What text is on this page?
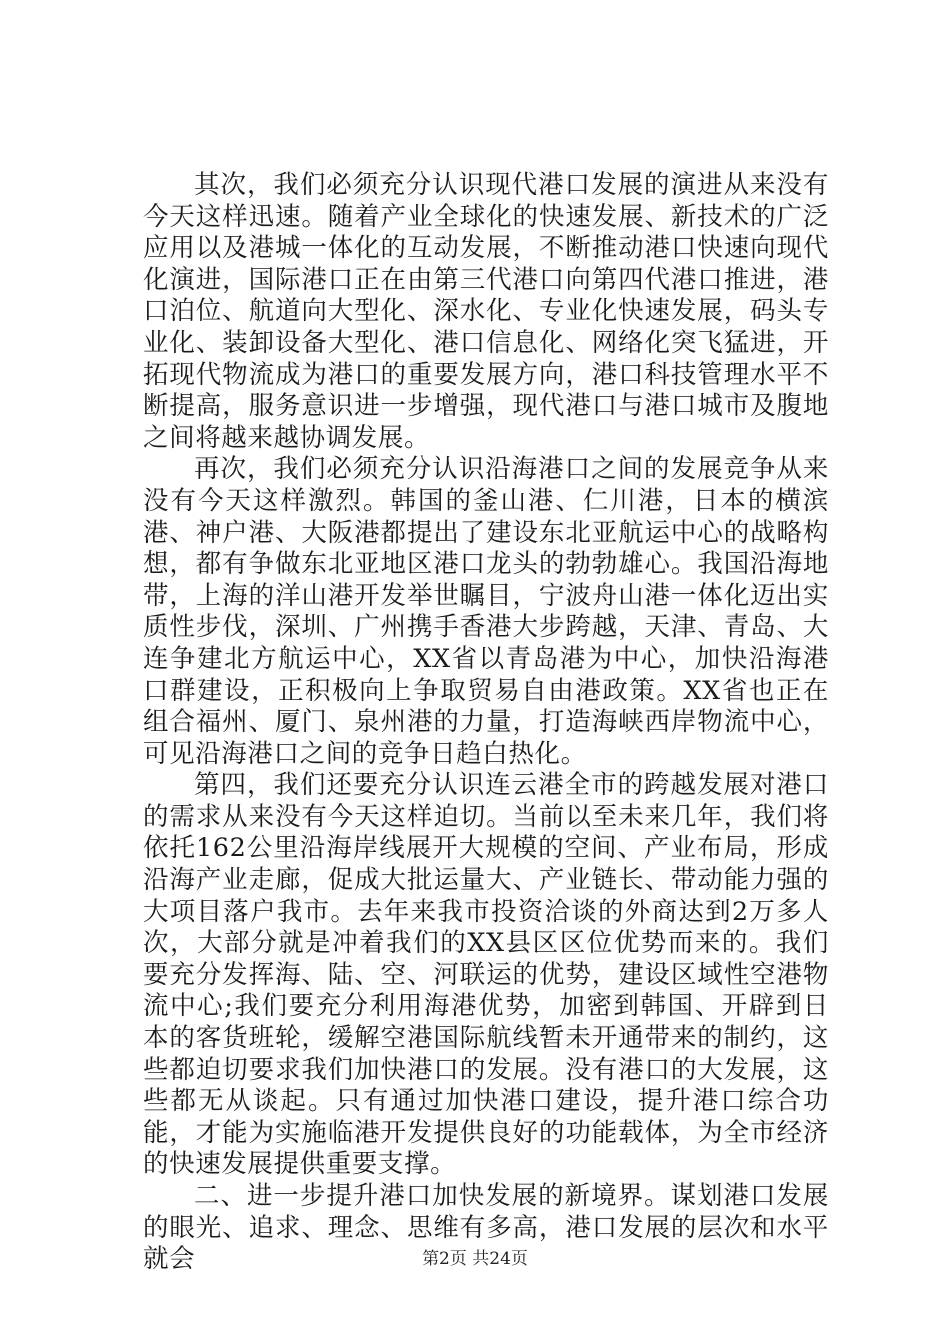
其次，我们必须充分认识现代港口发展的演进从来没有今天这样迅速。随着产业全球化的快速发展、新技术的广泛应用以及港城一体化的互动发展，不断推动港口快速向现代化演进，国际港口正在由第三代港口向第四代港口推进，港口泊位、航道向大型化、深水化、专业化快速发展，码头专业化、装卸设备大型化、港口信息化、网络化突飞猛进，开拓现代物流成为港口的重要发展方向，港口科技管理水平不断提高，服务意识进一步增强，现代港口与港口城市及腹地之间将越来越协调发展。

再次，我们必须充分认识沿海港口之间的发展竞争从来没有今天这样激烈。韩国的釜山港、仁川港，日本的横滨港、神户港、大阪港都提出了建设东北亚航运中心的战略构想，都有争做东北亚地区港口龙头的勃勃雄心。我国沿海地带，上海的洋山港开发举世瞩目，宁波舟山港一体化迈出实质性步伐，深圳、广州携手香港大步跨越，天津、青岛、大连争建北方航运中心，XX省以青岛港为中心，加快沿海港口群建设，正积极向上争取贸易自由港政策。XX省也正在组合福州、厦门、泉州港的力量，打造海峡西岸物流中心，可见沿海港口之间的竞争日趋白热化。

第四，我们还要充分认识连云港全市的跨越发展对港口的需求从来没有今天这样迫切。当前以至未来几年，我们将依托162公里沿海岸线展开大规模的空间、产业布局，形成沿海产业走廊，促成大批运量大、产业链长、带动能力强的大项目落户我市。去年来我市投资洽谈的外商达到2万多人次，大部分就是冲着我们的XX县区区位优势而来的。我们要充分发挥海、陆、空、河联运的优势，建设区域性空港物流中心;我们要充分利用海港优势，加密到韩国、开辟到日本的客货班轮，缓解空港国际航线暂未开通带来的制约，这些都迫切要求我们加快港口的发展。没有港口的大发展，这些都无从谈起。只有通过加快港口建设，提升港口综合功能，才能为实施临港开发提供良好的功能载体，为全市经济的快速发展提供重要支撑。

二、进一步提升港口加快发展的新境界。谋划港口发展的眼光、追求、理念、思维有多高，港口发展的层次和水平就会	第2页 共24页
